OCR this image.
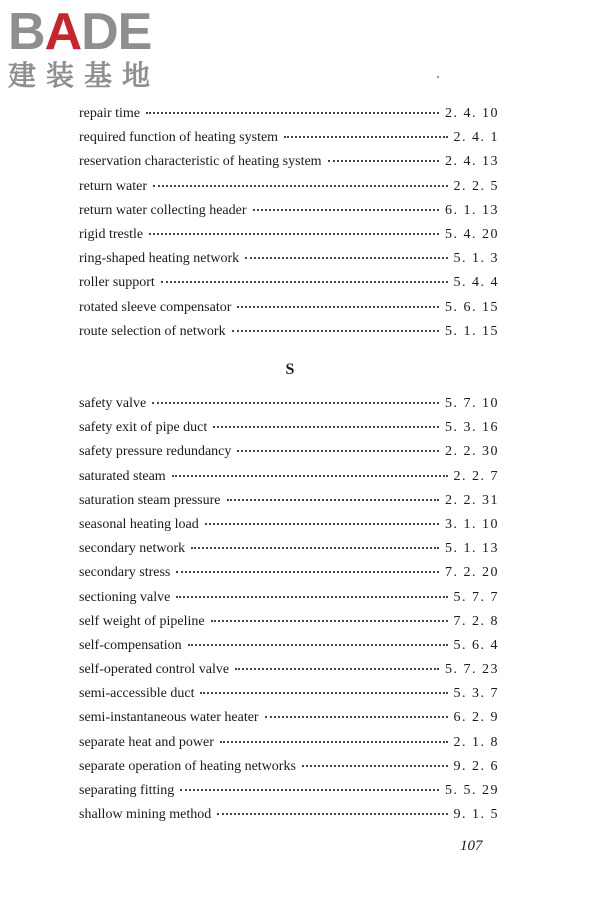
BADE
建装基地
repair time	2. 4. 10
required function of heating system	2. 4. 1
reservation characteristic of heating system	2. 4. 13
return water	2. 2. 5
return water collecting header	6. 1. 13
rigid trestle	5. 4. 20
ring-shaped heating network	5. 1. 3
roller support	5. 4. 4
rotated sleeve compensator	5. 6. 15
route selection of network	5. 1. 15
S
safety valve	5. 7. 10
safety exit of pipe duct	5. 3. 16
safety pressure redundancy	2. 2. 30
saturated steam	2. 2. 7
saturation steam pressure	2. 2. 31
seasonal heating load	3. 1. 10
secondary network	5. 1. 13
secondary stress	7. 2. 20
sectioning valve	5. 7. 7
self weight of pipeline	7. 2. 8
self-compensation	5. 6. 4
self-operated control valve	5. 7. 23
semi-accessible duct	5. 3. 7
semi-instantaneous water heater	6. 2. 9
separate heat and power	2. 1. 8
separate operation of heating networks	9. 2. 6
separating fitting	5. 5. 29
shallow mining method	9. 1. 5
107
